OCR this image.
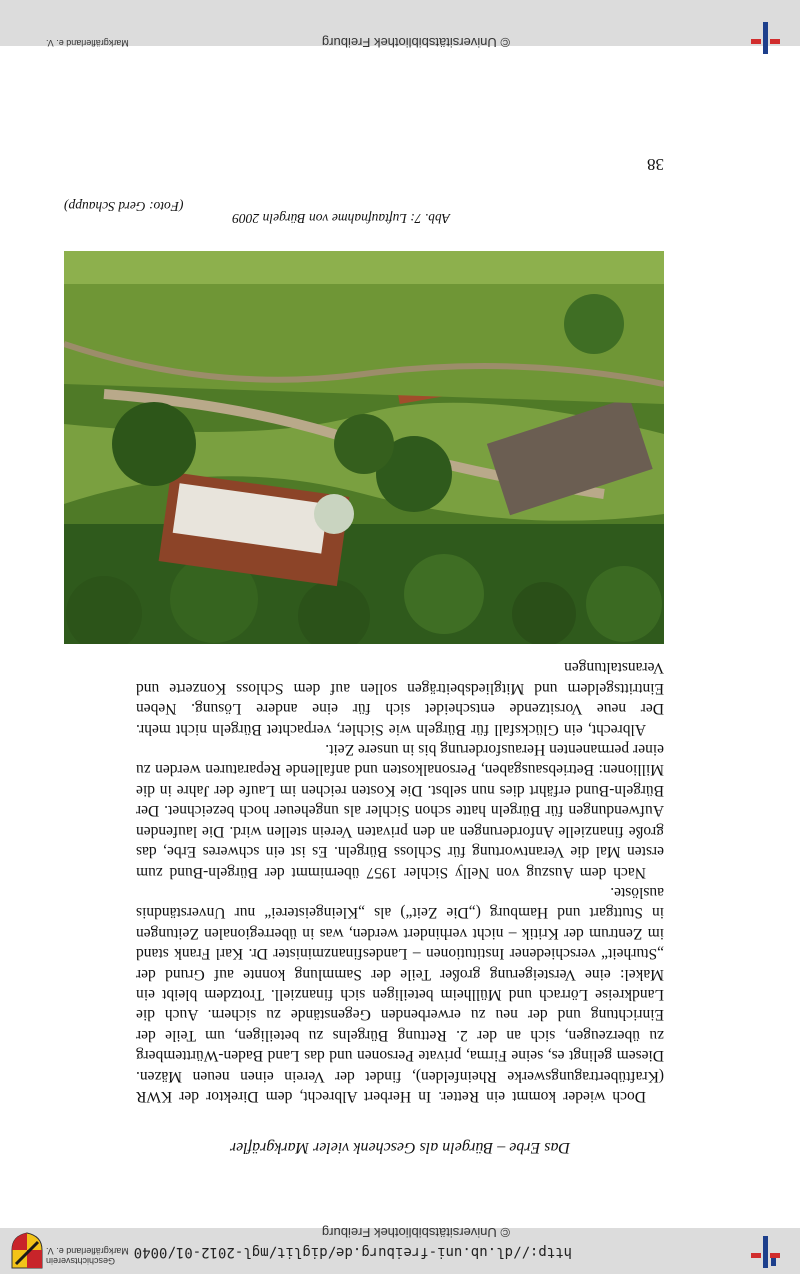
http://dl.ub.uni-freiburg.de/diglit/mgl-2012-01/0040
© Universitätsbibliothek Freiburg
Geschichtsverein
Markgräflerland e. V.
Das Erbe – Bürgeln als Geschenk vieler Markgräfler

Doch wieder kommt ein Retter. In Herbert Albrecht, dem Direktor der KWR (Kraftübertragungswerke Rheinfelden), findet der Verein einen neuen Mäzen. Diesem gelingt es, seine Firma, private Personen und das Land Baden-Württemberg zu überzeugen, sich an der 2. Rettung Bürgelns zu beteiligen, um Teile der Einrichtung und der neu zu erwerbenden Gegenstände zu sichern. Auch die Landkreise Lörrach und Müllheim beteiligen sich finanziell. Trotzdem bleibt ein Makel: eine Versteigerung großer Teile der Sammlung konnte auf Grund der „Sturheit“ verschiedener Institutionen – Landesfinanzminister Dr. Karl Frank stand im Zentrum der Kritik – nicht verhindert werden, was in überregionalen Zeitungen in Stuttgart und Hamburg („Die Zeit“) als „Kleingeisterei“ nur Unverständnis auslöste.

Nach dem Auszug von Nelly Sichler 1957 übernimmt der Bürgeln-Bund zum ersten Mal die Verantwortung für Schloss Bürgeln. Es ist ein schweres Erbe, das große finanzielle Anforderungen an den privaten Verein stellen wird. Die laufenden Aufwendungen für Bürgeln hatte schon Sichler als ungeheuer hoch bezeichnet. Der Bürgeln-Bund erfährt dies nun selbst. Die Kosten reichen im Laufe der Jahre in die Millionen: Betriebsausgaben, Personalkosten und anfallende Reparaturen werden zu einer permanenten Herausforderung bis in unsere Zeit.

Albrecht, ein Glücksfall für Bürgeln wie Sichler, verpachtet Bürgeln nicht mehr. Der neue Vorsitzende entscheidet sich für eine andere Lösung. Neben Eintrittsgeldern und Mitgliedsbeiträgen sollen auf dem Schloss Konzerte und Veranstaltungen

Abb. 7: Luftaufnahme von Bürgeln 2009
(Foto: Gerd Schaupp)
38
© Universitätsbibliothek Freiburg
Markgräflerland e. V.
